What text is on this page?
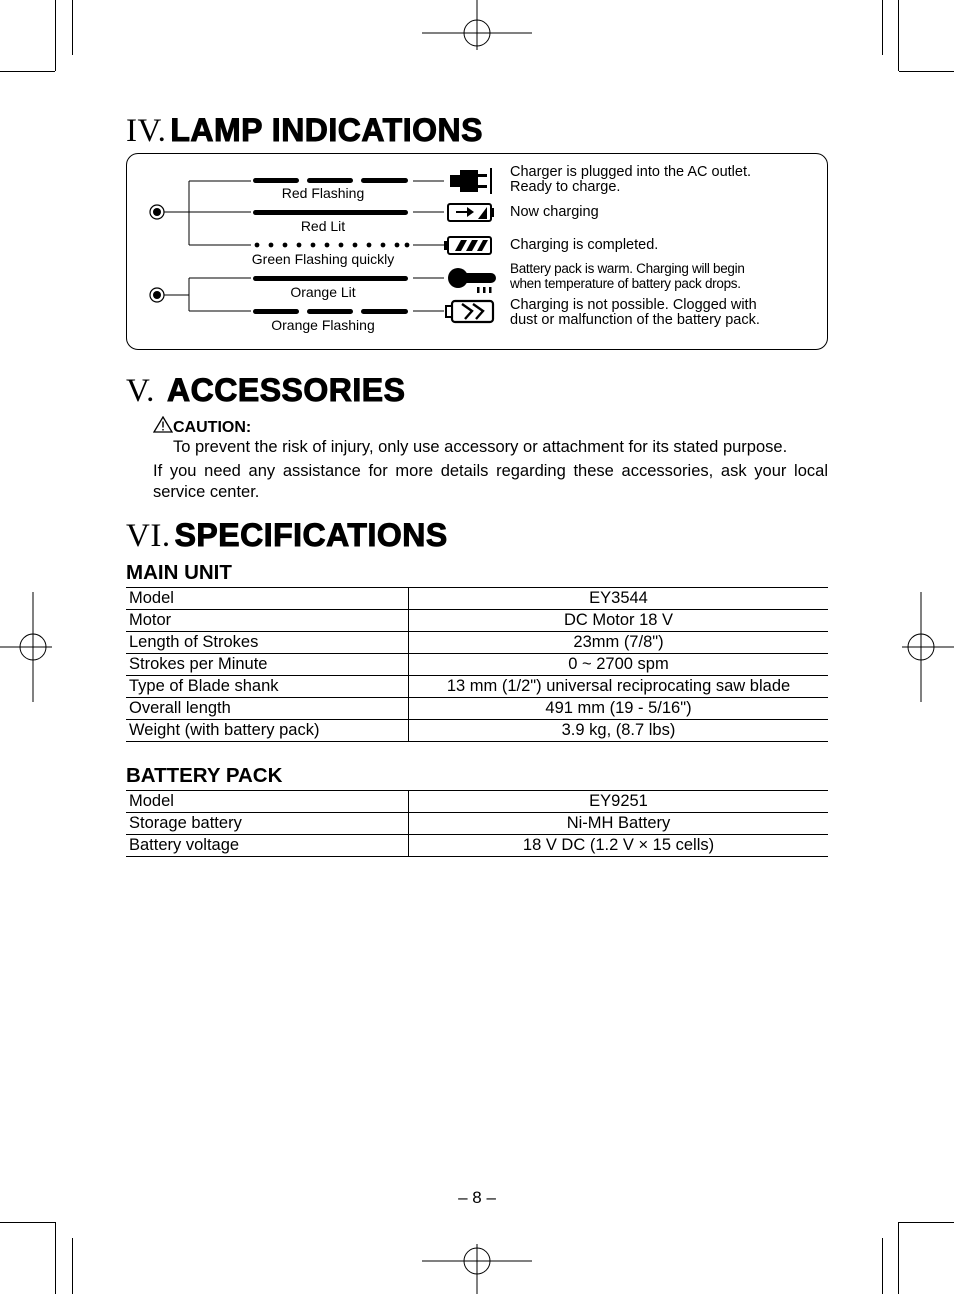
IV. LAMP INDICATIONS
Red Flashing
Red Lit
Green Flashing quickly
Orange Lit
Orange Flashing
Charger is plugged into the AC outlet.
Ready to charge.
Now charging
Charging is completed.
Battery pack is warm. Charging will begin
when temperature of battery pack drops.
Charging is not possible. Clogged with
dust or malfunction of the battery pack.
V. ACCESSORIES
CAUTION:
To prevent the risk of injury, only use accessory or attachment for its stated purpose.
If you need any assistance for more details regarding these accessories, ask your local service center.
VI. SPECIFICATIONS
MAIN UNIT
Model	EY3544
Motor	DC Motor 18 V
Length of Strokes	23mm (7/8")
Strokes per Minute	0 ~ 2700 spm
Type of Blade shank	13 mm (1/2") universal reciprocating saw blade
Overall length	491 mm (19 - 5/16")
Weight (with battery pack)	3.9 kg, (8.7 lbs)
BATTERY PACK
Model	EY9251
Storage battery	Ni-MH Battery
Battery voltage	18 V DC (1.2 V × 15 cells)
– 8 –
